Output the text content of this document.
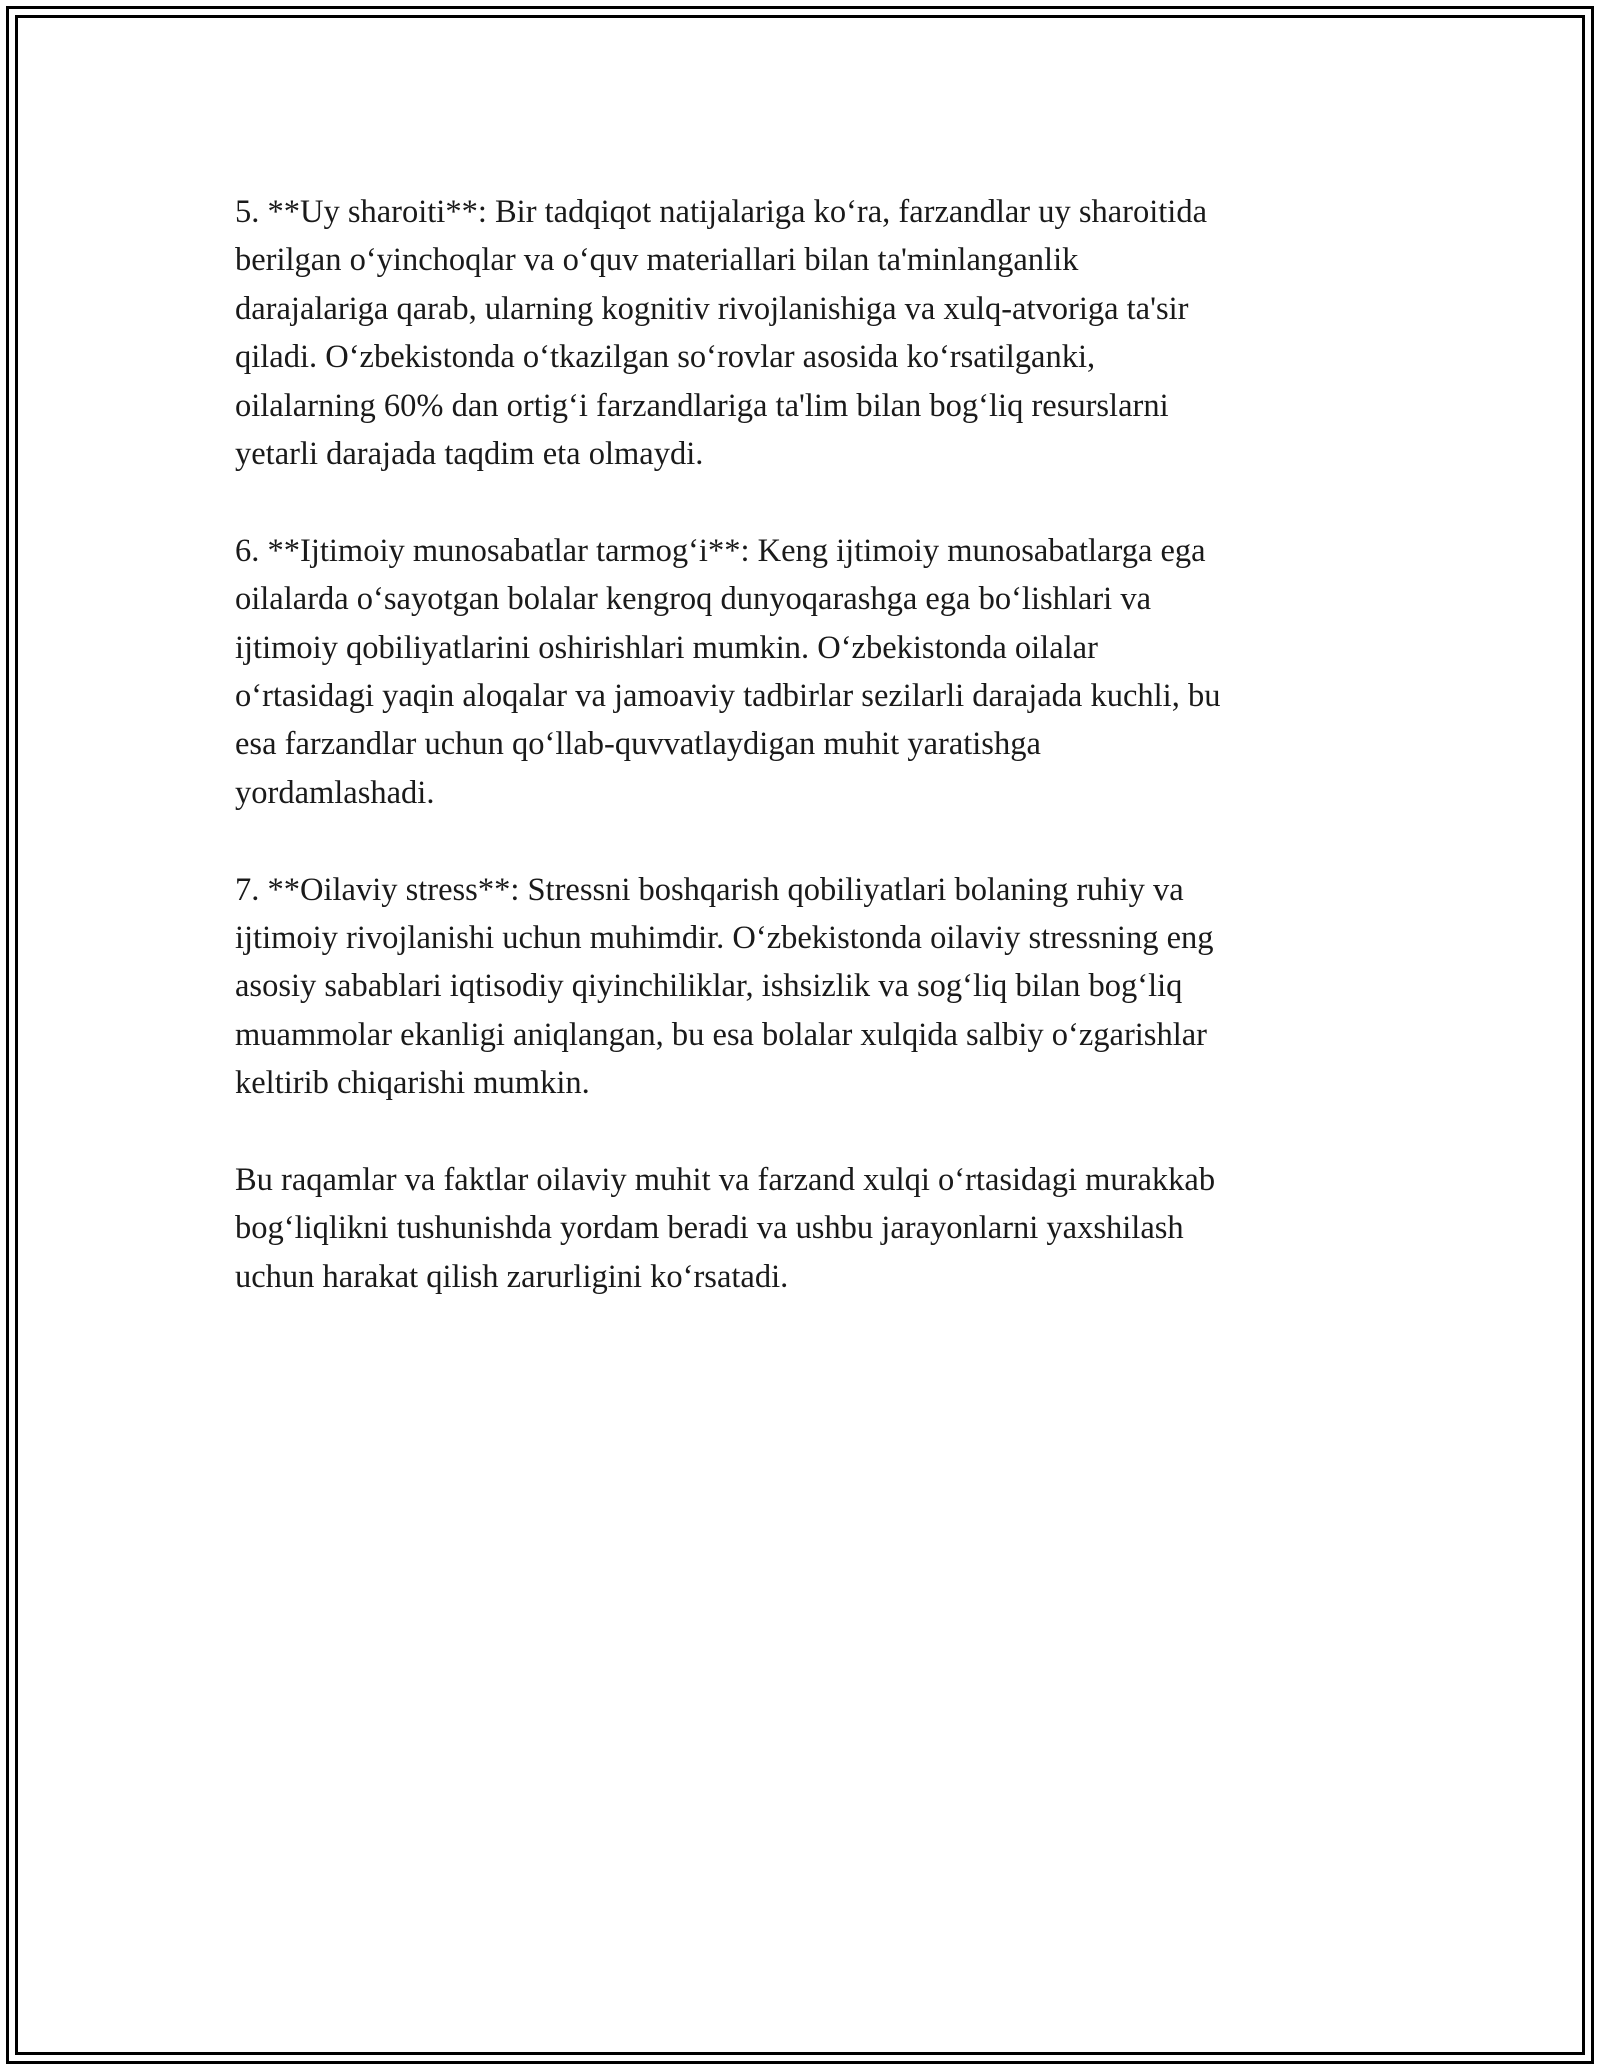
5. **Uy sharoiti**: Bir tadqiqot natijalariga ko‘ra, farzandlar uy sharoitida
berilgan o‘yinchoqlar va o‘quv materiallari bilan ta'minlanganlik
darajalariga qarab, ularning kognitiv rivojlanishiga va xulq-atvoriga ta'sir
qiladi. O‘zbekistonda o‘tkazilgan so‘rovlar asosida ko‘rsatilganki,
oilalarning 60% dan ortig‘i farzandlariga ta'lim bilan bog‘liq resurslarni
yetarli darajada taqdim eta olmaydi.

6. **Ijtimoiy munosabatlar tarmog‘i**: Keng ijtimoiy munosabatlarga ega
oilalarda o‘sayotgan bolalar kengroq dunyoqarashga ega bo‘lishlari va
ijtimoiy qobiliyatlarini oshirishlari mumkin. O‘zbekistonda oilalar
o‘rtasidagi yaqin aloqalar va jamoaviy tadbirlar sezilarli darajada kuchli, bu
esa farzandlar uchun qo‘llab-quvvatlaydigan muhit yaratishga
yordamlashadi.

7. **Oilaviy stress**: Stressni boshqarish qobiliyatlari bolaning ruhiy va
ijtimoiy rivojlanishi uchun muhimdir. O‘zbekistonda oilaviy stressning eng
asosiy sabablari iqtisodiy qiyinchiliklar, ishsizlik va sog‘liq bilan bog‘liq
muammolar ekanligi aniqlangan, bu esa bolalar xulqida salbiy o‘zgarishlar
keltirib chiqarishi mumkin.

Bu raqamlar va faktlar oilaviy muhit va farzand xulqi o‘rtasidagi murakkab
bog‘liqlikni tushunishda yordam beradi va ushbu jarayonlarni yaxshilash
uchun harakat qilish zarurligini ko‘rsatadi.
